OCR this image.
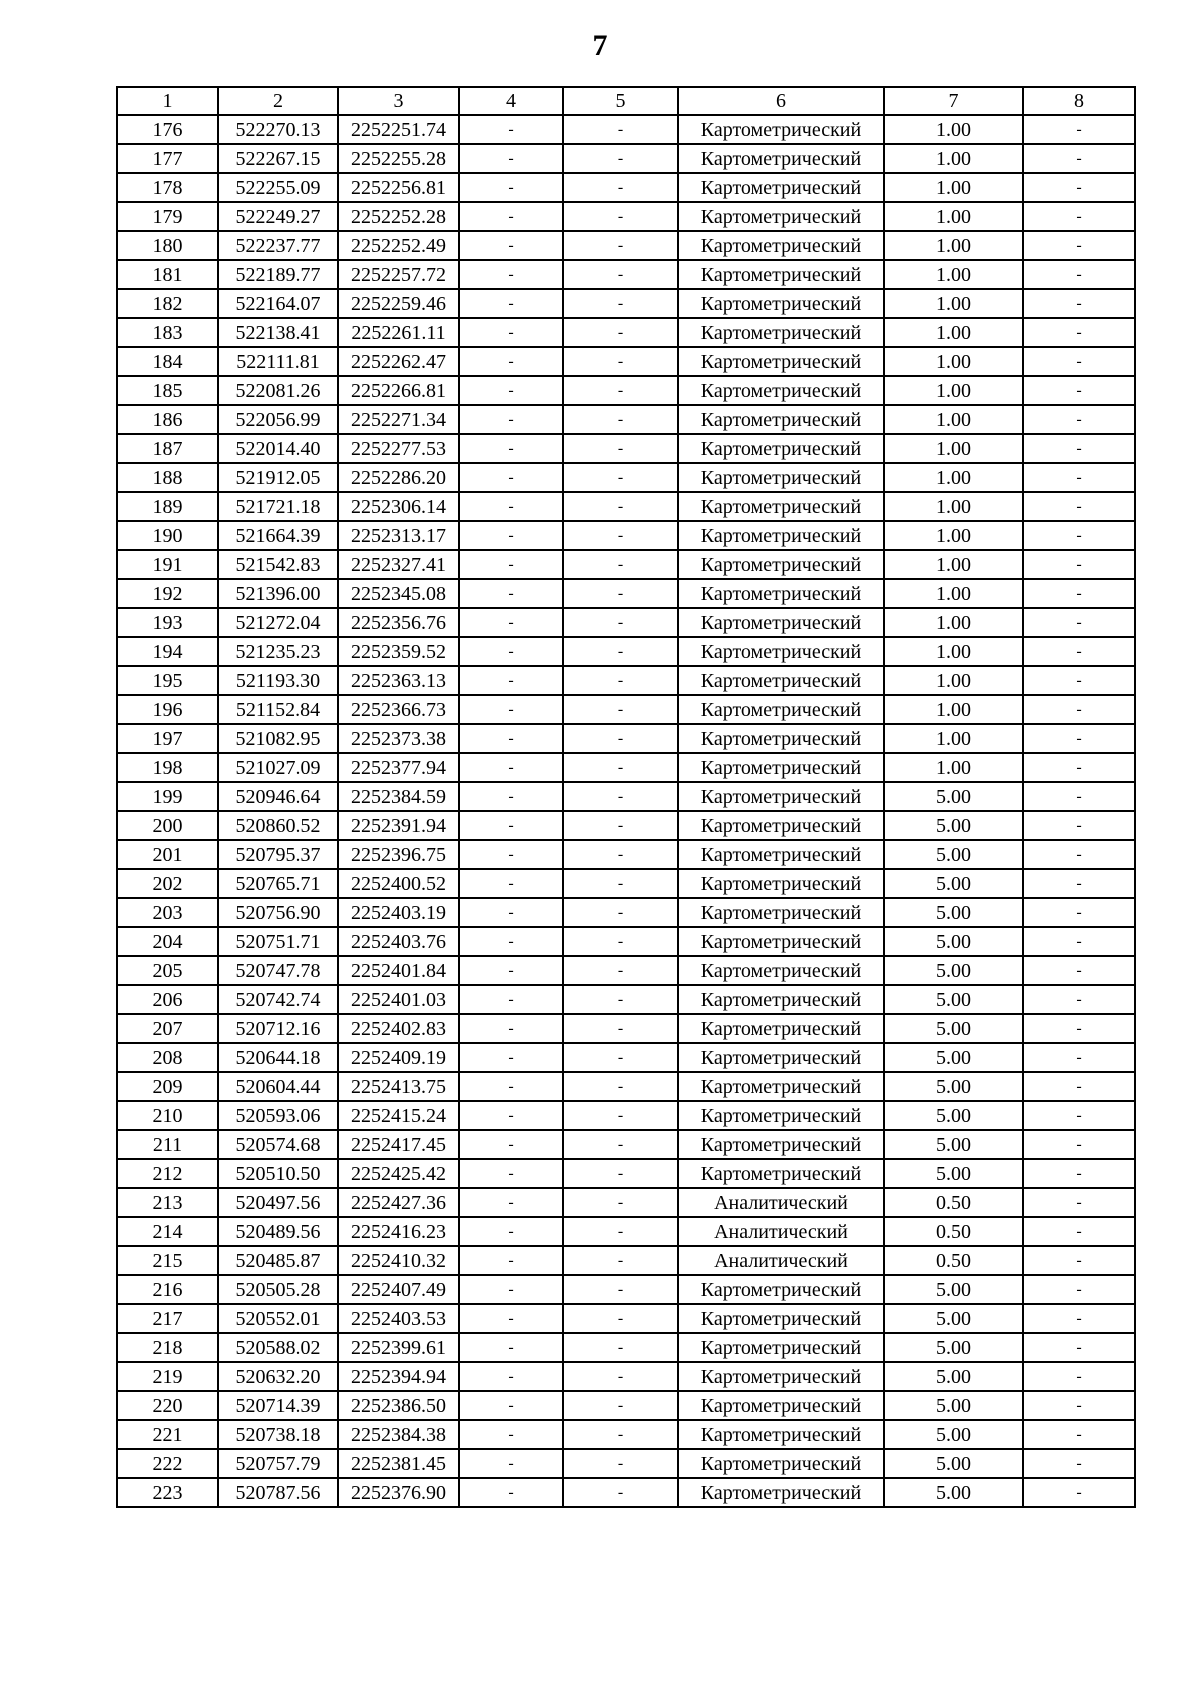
7
1	2	3	4	5	6	7	8
176	522270.13	2252251.74	-	-	Картометрический	1.00	-
177	522267.15	2252255.28	-	-	Картометрический	1.00	-
178	522255.09	2252256.81	-	-	Картометрический	1.00	-
179	522249.27	2252252.28	-	-	Картометрический	1.00	-
180	522237.77	2252252.49	-	-	Картометрический	1.00	-
181	522189.77	2252257.72	-	-	Картометрический	1.00	-
182	522164.07	2252259.46	-	-	Картометрический	1.00	-
183	522138.41	2252261.11	-	-	Картометрический	1.00	-
184	522111.81	2252262.47	-	-	Картометрический	1.00	-
185	522081.26	2252266.81	-	-	Картометрический	1.00	-
186	522056.99	2252271.34	-	-	Картометрический	1.00	-
187	522014.40	2252277.53	-	-	Картометрический	1.00	-
188	521912.05	2252286.20	-	-	Картометрический	1.00	-
189	521721.18	2252306.14	-	-	Картометрический	1.00	-
190	521664.39	2252313.17	-	-	Картометрический	1.00	-
191	521542.83	2252327.41	-	-	Картометрический	1.00	-
192	521396.00	2252345.08	-	-	Картометрический	1.00	-
193	521272.04	2252356.76	-	-	Картометрический	1.00	-
194	521235.23	2252359.52	-	-	Картометрический	1.00	-
195	521193.30	2252363.13	-	-	Картометрический	1.00	-
196	521152.84	2252366.73	-	-	Картометрический	1.00	-
197	521082.95	2252373.38	-	-	Картометрический	1.00	-
198	521027.09	2252377.94	-	-	Картометрический	1.00	-
199	520946.64	2252384.59	-	-	Картометрический	5.00	-
200	520860.52	2252391.94	-	-	Картометрический	5.00	-
201	520795.37	2252396.75	-	-	Картометрический	5.00	-
202	520765.71	2252400.52	-	-	Картометрический	5.00	-
203	520756.90	2252403.19	-	-	Картометрический	5.00	-
204	520751.71	2252403.76	-	-	Картометрический	5.00	-
205	520747.78	2252401.84	-	-	Картометрический	5.00	-
206	520742.74	2252401.03	-	-	Картометрический	5.00	-
207	520712.16	2252402.83	-	-	Картометрический	5.00	-
208	520644.18	2252409.19	-	-	Картометрический	5.00	-
209	520604.44	2252413.75	-	-	Картометрический	5.00	-
210	520593.06	2252415.24	-	-	Картометрический	5.00	-
211	520574.68	2252417.45	-	-	Картометрический	5.00	-
212	520510.50	2252425.42	-	-	Картометрический	5.00	-
213	520497.56	2252427.36	-	-	Аналитический	0.50	-
214	520489.56	2252416.23	-	-	Аналитический	0.50	-
215	520485.87	2252410.32	-	-	Аналитический	0.50	-
216	520505.28	2252407.49	-	-	Картометрический	5.00	-
217	520552.01	2252403.53	-	-	Картометрический	5.00	-
218	520588.02	2252399.61	-	-	Картометрический	5.00	-
219	520632.20	2252394.94	-	-	Картометрический	5.00	-
220	520714.39	2252386.50	-	-	Картометрический	5.00	-
221	520738.18	2252384.38	-	-	Картометрический	5.00	-
222	520757.79	2252381.45	-	-	Картометрический	5.00	-
223	520787.56	2252376.90	-	-	Картометрический	5.00	-
